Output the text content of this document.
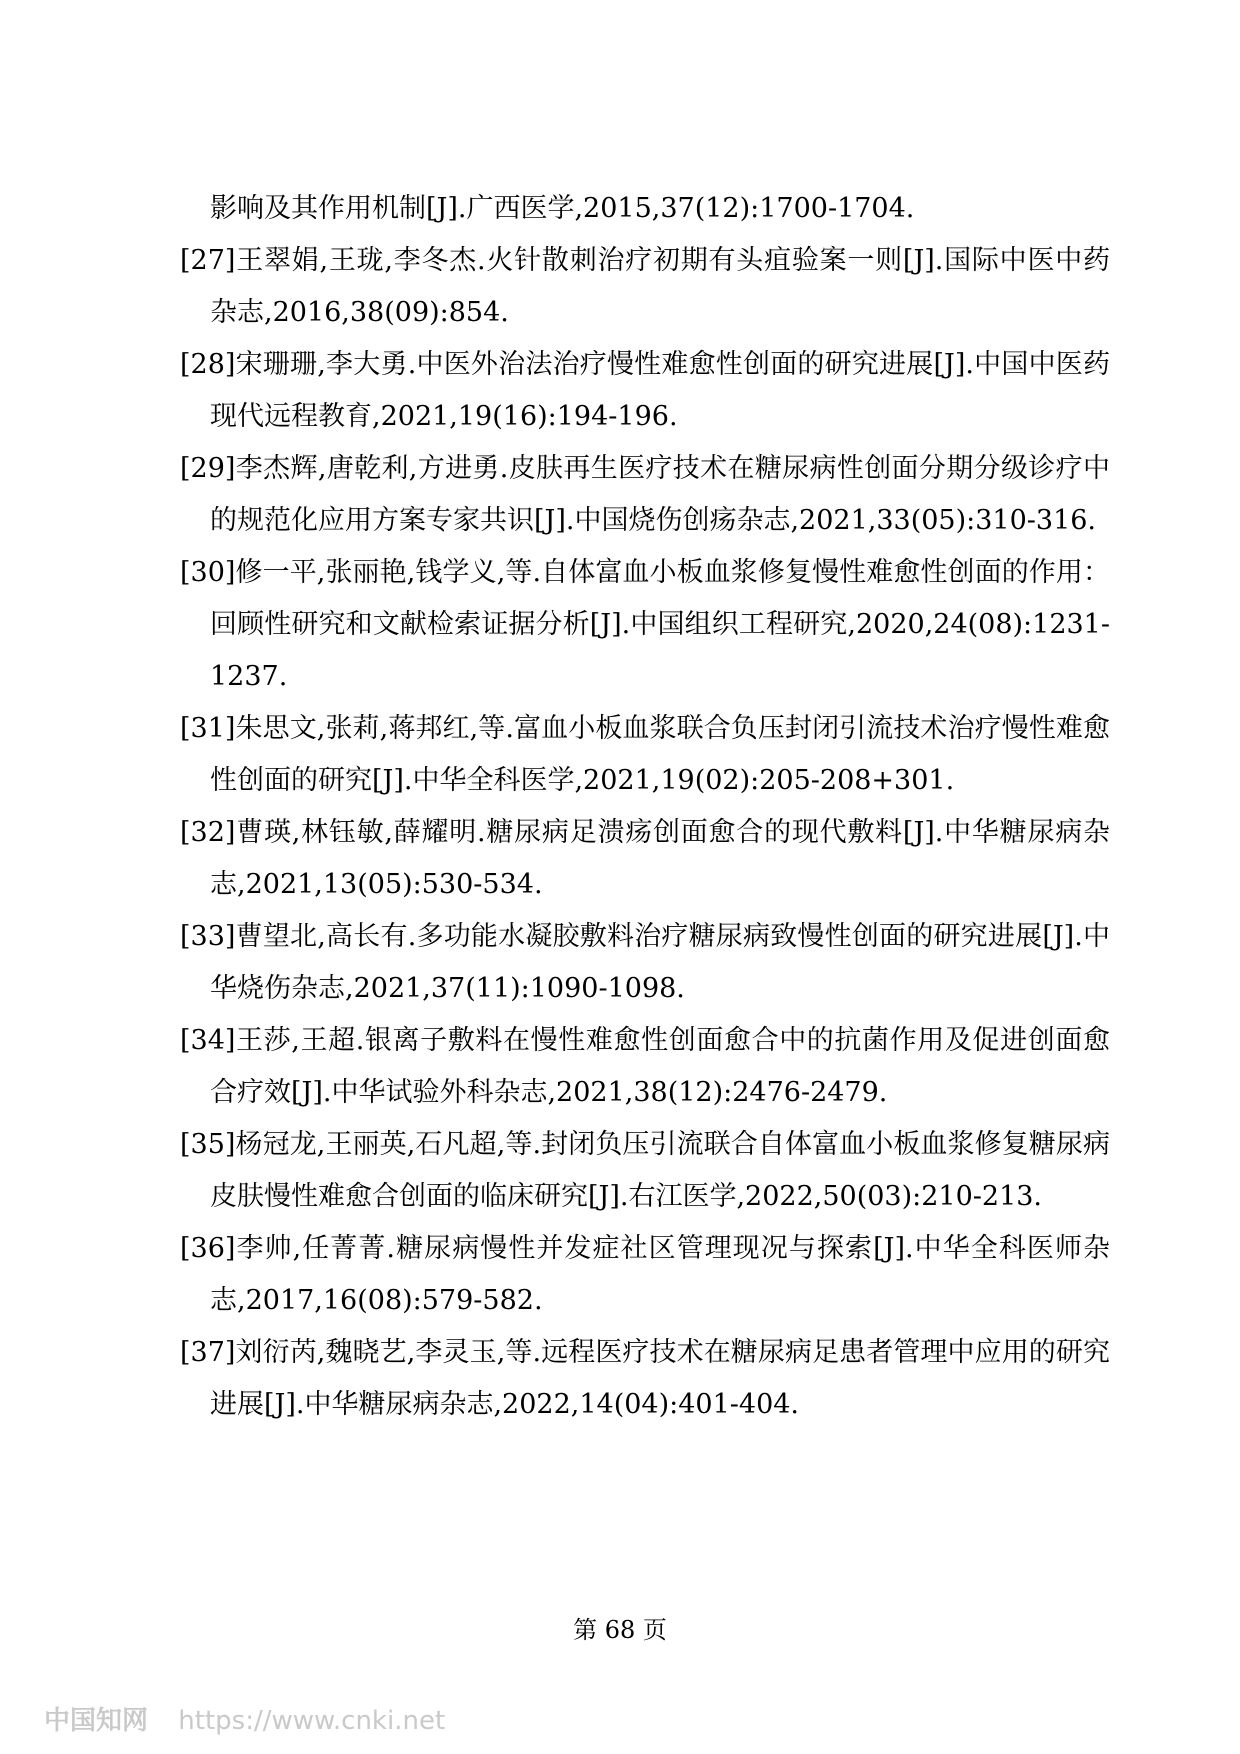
影响及其作用机制[J].广西医学,2015,37(12):1700-1704.
[27]王翠娟,王珑,李冬杰.火针散刺治疗初期有头疽验案一则[J].国际中医中药杂志,2016,38(09):854.
[28]宋珊珊,李大勇.中医外治法治疗慢性难愈性创面的研究进展[J].中国中医药现代远程教育,2021,19(16):194-196.
[29]李杰辉,唐乾利,方进勇.皮肤再生医疗技术在糖尿病性创面分期分级诊疗中的规范化应用方案专家共识[J].中国烧伤创疡杂志,2021,33(05):310-316.
[30]修一平,张丽艳,钱学义,等.自体富血小板血浆修复慢性难愈性创面的作用：回顾性研究和文献检索证据分析[J].中国组织工程研究,2020,24(08):1231-1237.
[31]朱思文,张莉,蒋邦红,等.富血小板血浆联合负压封闭引流技术治疗慢性难愈性创面的研究[J].中华全科医学,2021,19(02):205-208+301.
[32]曹瑛,林钰敏,薛耀明.糖尿病足溃疡创面愈合的现代敷料[J].中华糖尿病杂志,2021,13(05):530-534.
[33]曹望北,高长有.多功能水凝胶敷料治疗糖尿病致慢性创面的研究进展[J].中华烧伤杂志,2021,37(11):1090-1098.
[34]王莎,王超.银离子敷料在慢性难愈性创面愈合中的抗菌作用及促进创面愈合疗效[J].中华试验外科杂志,2021,38(12):2476-2479.
[35]杨冠龙,王丽英,石凡超,等.封闭负压引流联合自体富血小板血浆修复糖尿病皮肤慢性难愈合创面的临床研究[J].右江医学,2022,50(03):210-213.
[36]李帅,任菁菁.糖尿病慢性并发症社区管理现况与探索[J].中华全科医师杂志,2017,16(08):579-582.
[37]刘衍芮,魏晓艺,李灵玉,等.远程医疗技术在糖尿病足患者管理中应用的研究进展[J].中华糖尿病杂志,2022,14(04):401-404.
第 68 页
中国知网 https://www.cnki.net
